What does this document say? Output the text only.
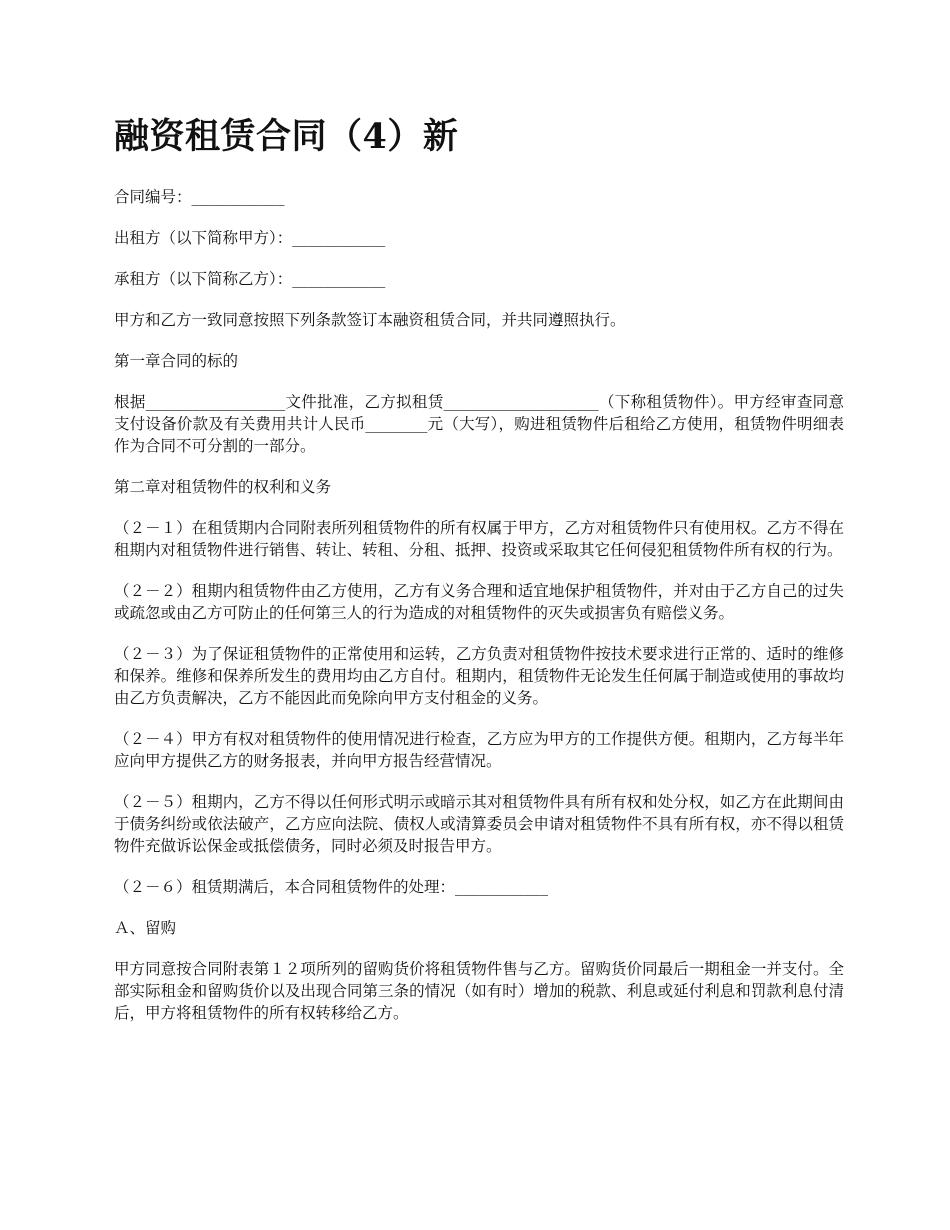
融资租赁合同（4）新

合同编号：____________

出租方（以下简称甲方）：____________

承租方（以下简称乙方）：____________

甲方和乙方一致同意按照下列条款签订本融资租赁合同，并共同遵照执行。

第一章合同的标的

根据__________________文件批准，乙方拟租赁____________________（下称租赁物件）。甲方经审查同意支付设备价款及有关费用共计人民币________元（大写），购进租赁物件后租给乙方使用，租赁物件明细表作为合同不可分割的一部分。

第二章对租赁物件的权利和义务

（２－１）在租赁期内合同附表所列租赁物件的所有权属于甲方，乙方对租赁物件只有使用权。乙方不得在租期内对租赁物件进行销售、转让、转租、分租、抵押、投资或采取其它任何侵犯租赁物件所有权的行为。

（２－２）租期内租赁物件由乙方使用，乙方有义务合理和适宜地保护租赁物件，并对由于乙方自己的过失或疏忽或由乙方可防止的任何第三人的行为造成的对租赁物件的灭失或损害负有赔偿义务。

（２－３）为了保证租赁物件的正常使用和运转，乙方负责对租赁物件按技术要求进行正常的、适时的维修和保养。维修和保养所发生的费用均由乙方自付。租期内，租赁物件无论发生任何属于制造或使用的事故均由乙方负责解决，乙方不能因此而免除向甲方支付租金的义务。

（２－４）甲方有权对租赁物件的使用情况进行检查，乙方应为甲方的工作提供方便。租期内，乙方每半年应向甲方提供乙方的财务报表，并向甲方报告经营情况。

（２－５）租期内，乙方不得以任何形式明示或暗示其对租赁物件具有所有权和处分权，如乙方在此期间由于债务纠纷或依法破产，乙方应向法院、债权人或清算委员会申请对租赁物件不具有所有权，亦不得以租赁物件充做诉讼保金或抵偿债务，同时必须及时报告甲方。

（２－６）租赁期满后，本合同租赁物件的处理：____________

Ａ、留购

甲方同意按合同附表第１２项所列的留购货价将租赁物件售与乙方。留购货价同最后一期租金一并支付。全部实际租金和留购货价以及出现合同第三条的情况（如有时）增加的税款、利息或延付利息和罚款利息付清后，甲方将租赁物件的所有权转移给乙方。
